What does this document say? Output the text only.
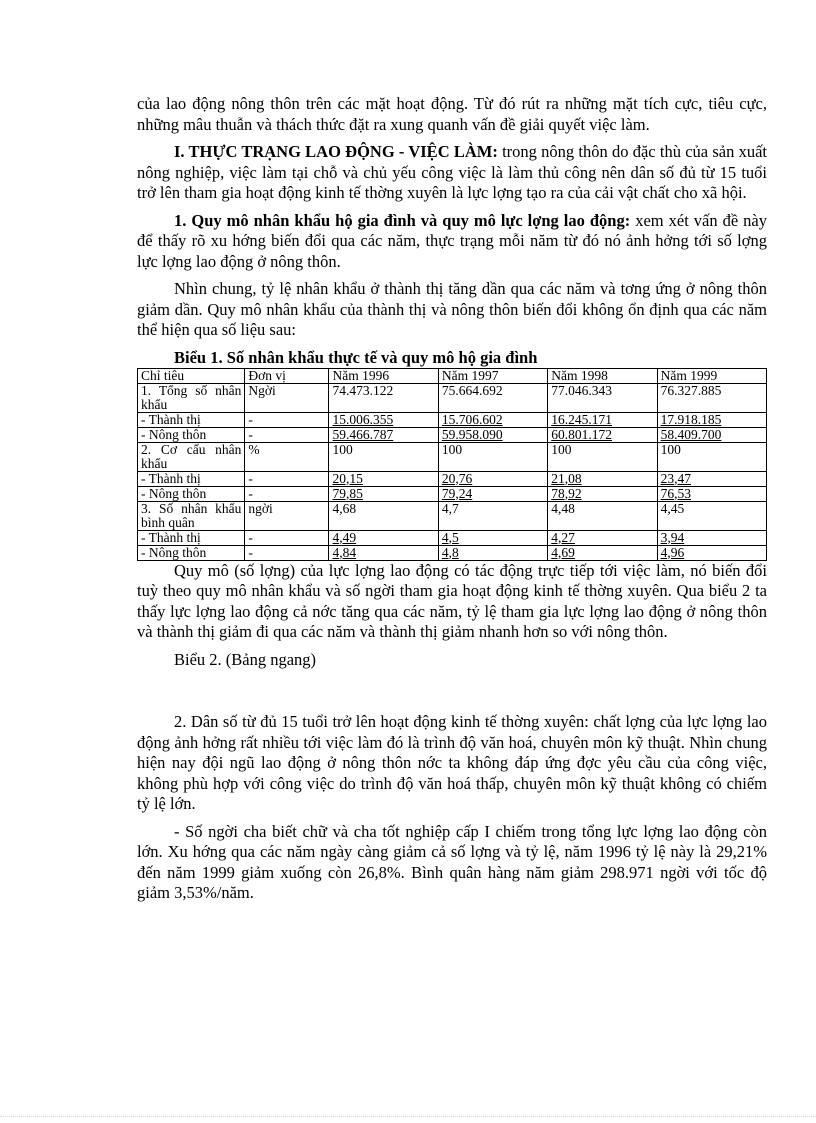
của lao động nông thôn trên các mặt hoạt động. Từ đó rút ra những mặt tích cực, tiêu cực, những mâu thuẫn và thách thức đặt ra xung quanh vấn đề giải quyết việc làm.

I. THỰC TRẠNG LAO ĐỘNG - VIỆC LÀM: trong nông thôn do đặc thù của sản xuất nông nghiệp, việc làm tại chỗ và chủ yếu công việc là làm thủ công nên dân số đủ từ 15 tuổi trở lên tham gia hoạt động kinh tế thờng xuyên là lực lợng tạo ra của cải vật chất cho xã hội.

1. Quy mô nhân khẩu hộ gia đình và quy mô lực lợng lao động: xem xét vấn đề này để thấy rõ xu hớng biến đổi qua các năm, thực trạng mỗi năm từ đó nó ảnh hởng tới số lợng lực lợng lao động ở nông thôn.

Nhìn chung, tỷ lệ nhân khẩu ở thành thị tăng dần qua các năm và tơng ứng ở nông thôn giảm dần. Quy mô nhân khẩu của thành thị và nông thôn biến đổi không ổn định qua các năm thể hiện qua số liệu sau:

Biểu 1. Số nhân khẩu thực tế và quy mô hộ gia đình
Chỉ tiêu	Đơn vị	Năm 1996	Năm 1997	Năm 1998	Năm 1999
1. Tổng số nhân khẩu	Ngời	74.473.122	75.664.692	77.046.343	76.327.885
- Thành thị	-	15.006.355	15.706.602	16.245.171	17.918.185
- Nông thôn	-	59.466.787	59.958.090	60.801.172	58.409.700
2. Cơ cấu nhân khẩu	%	100	100	100	100
- Thành thị	-	20,15	20,76	21,08	23,47
- Nông thôn	-	79,85	79,24	78,92	76,53
3. Số nhân khẩu bình quân	ngời	4,68	4,7	4,48	4,45
- Thành thị	-	4,49	4,5	4,27	3,94
- Nông thôn	-	4,84	4,8	4,69	4,96

Quy mô (số lợng) của lực lợng lao động có tác động trực tiếp tới việc làm, nó biến đổi tuỳ theo quy mô nhân khẩu và số ngời tham gia hoạt động kinh tế thờng xuyên. Qua biểu 2 ta thấy lực lợng lao động cả nớc tăng qua các năm, tỷ lệ tham gia lực lợng lao động ở nông thôn và thành thị giảm đi qua các năm và thành thị giảm nhanh hơn so với nông thôn.

Biểu 2. (Bảng ngang)

2. Dân số từ đủ 15 tuổi trở lên hoạt động kinh tế thờng xuyên: chất lợng của lực lợng lao động ảnh hởng rất nhiều tới việc làm đó là trình độ văn hoá, chuyên môn kỹ thuật. Nhìn chung hiện nay đội ngũ lao động ở nông thôn nớc ta không đáp ứng đợc yêu cầu của công việc, không phù hợp với công việc do trình độ văn hoá thấp, chuyên môn kỹ thuật không có chiếm tỷ lệ lớn.

- Số ngời cha biết chữ và cha tốt nghiệp cấp I chiếm trong tổng lực lợng lao động còn lớn. Xu hớng qua các năm ngày càng giảm cả số lợng và tỷ lệ, năm 1996 tỷ lệ này là 29,21% đến năm 1999 giảm xuống còn 26,8%. Bình quân hàng năm giảm 298.971 ngời với tốc độ giảm 3,53%/năm.
